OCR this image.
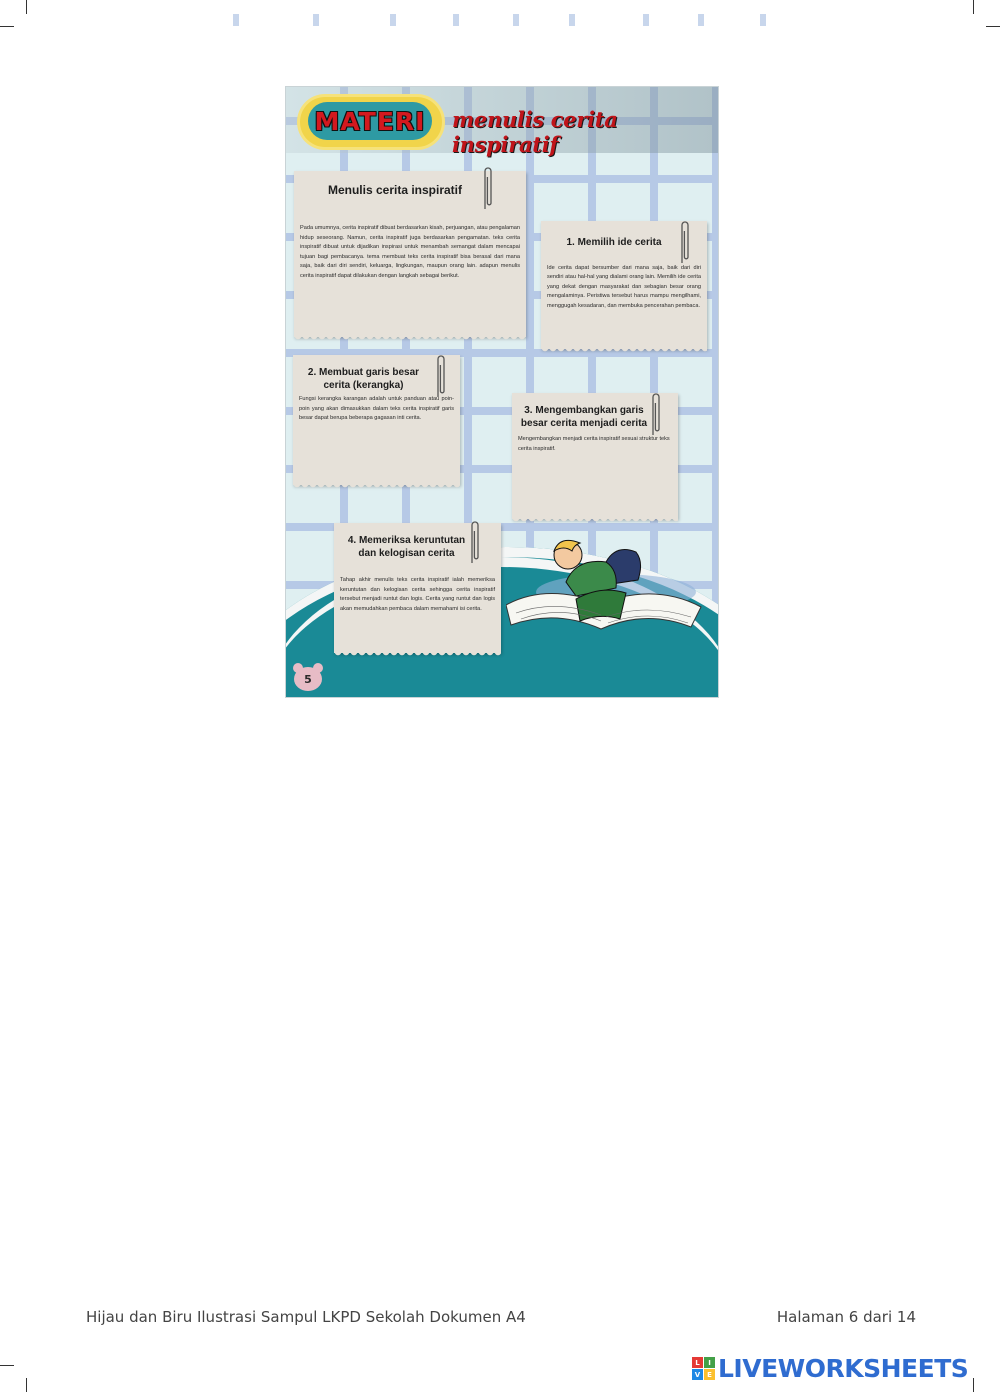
MATERI menulis cerita inspiratif
Menulis cerita inspiratif

Pada umumnya, cerita inspiratif dibuat berdasarkan kisah, perjuangan, atau pengalaman hidup seseorang. Namun, cerita inspiratif juga berdasarkan pengamatan. teks cerita inspiratif dibuat untuk dijadikan inspirasi untuk menambah semangat dalam mencapai tujuan bagi pembacanya. tema membuat teks cerita inspiratif bisa berasal dari mana saja, baik dari diri sendiri, keluarga, lingkungan, maupun orang lain. adapun menulis cerita inspiratif dapat dilakukan dengan langkah sebagai berikut.

1. Memilih ide cerita

Ide cerita dapat bersumber dari mana saja, baik dari diri sendiri atau hal-hal yang dialami orang lain. Memilih ide cerita yang dekat dengan masyarakat dan sebagian besar orang mengalaminya. Peristiwa tersebut harus mampu mengilhami, menggugah kesadaran, dan membuka pencerahan pembaca.

2. Membuat garis besar
cerita (kerangka)

Fungsi kerangka karangan adalah untuk panduan atau poin-poin yang akan dimasukkan dalam teks cerita inspiratif garis besar dapat berupa beberapa gagasan inti cerita.

3. Mengembangkan garis
besar cerita menjadi cerita

Mengembangkan menjadi cerita inspiratif sesuai struktur teks cerita inspiratif.

4. Memeriksa keruntutan
dan kelogisan cerita

Tahap akhir menulis teks cerita inspiratif ialah memeriksa keruntutan dan kelogisan cerita sehingga cerita inspiratif tersebut menjadi runtut dan logis. Cerita yang runtut dan logis akan memudahkan pembaca dalam memahami isi cerita.

5
Hijau dan Biru Ilustrasi Sampul LKPD Sekolah Dokumen A4	Halaman 6 dari 14
L	I
V E LIVEWORKSHEETS
